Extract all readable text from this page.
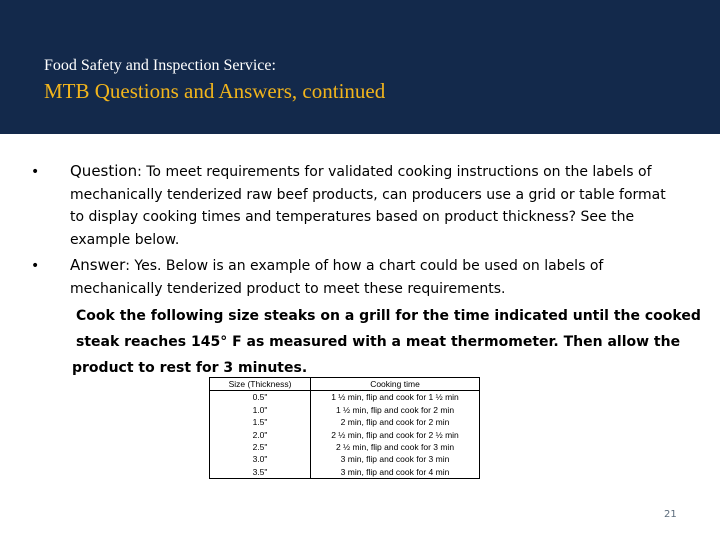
Food Safety and Inspection Service:
MTB Questions and Answers, continued
• Question: To meet requirements for validated cooking instructions on the labels of mechanically tenderized raw beef products, can producers use a grid or table format to display cooking times and temperatures based on product thickness? See the example below.
• Answer: Yes. Below is an example of how a chart could be used on labels of mechanically tenderized product to meet these requirements.
Cook the following size steaks on a grill for the time indicated until the cooked
steak reaches 145° F as measured with a meat thermometer. Then allow the
product to rest for 3 minutes.
Size (Thickness)	Cooking time
0.5"	1 ½ min, flip and cook for 1 ½ min
1.0"	1 ½ min, flip and cook for 2 min
1.5"	2 min, flip and cook for 2 min
2.0"	2 ½ min, flip and cook for 2 ½ min
2.5"	2 ½ min, flip and cook for 3 min
3.0"	3 min, flip and cook for 3 min
3.5"	3 min, flip and cook for 4 min
21
